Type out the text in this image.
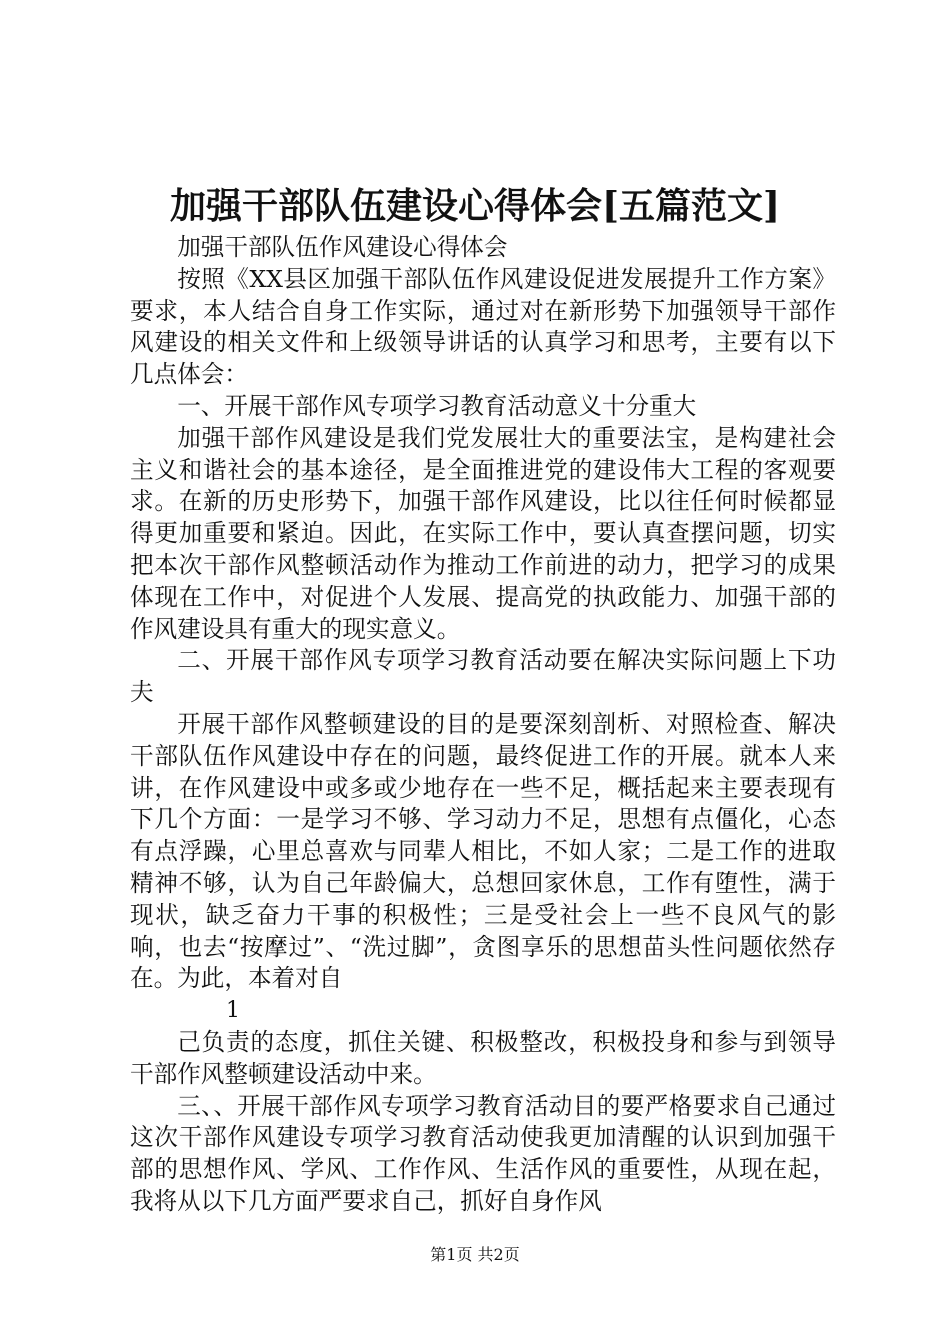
加强干部队伍建设心得体会[五篇范文]

加强干部队伍作风建设心得体会

按照《XX县区加强干部队伍作风建设促进发展提升工作方案》要求，本人结合自身工作实际，通过对在新形势下加强领导干部作风建设的相关文件和上级领导讲话的认真学习和思考，主要有以下几点体会：

一、开展干部作风专项学习教育活动意义十分重大

加强干部作风建设是我们党发展壮大的重要法宝，是构建社会主义和谐社会的基本途径，是全面推进党的建设伟大工程的客观要求。在新的历史形势下，加强干部作风建设，比以往任何时候都显得更加重要和紧迫。因此，在实际工作中，要认真查摆问题，切实把本次干部作风整顿活动作为推动工作前进的动力，把学习的成果体现在工作中，对促进个人发展、提高党的执政能力、加强干部的作风建设具有重大的现实意义。

二、开展干部作风专项学习教育活动要在解决实际问题上下功夫

开展干部作风整顿建设的目的是要深刻剖析、对照检查、解决干部队伍作风建设中存在的问题，最终促进工作的开展。就本人来讲，在作风建设中或多或少地存在一些不足，概括起来主要表现有下几个方面：一是学习不够、学习动力不足，思想有点僵化，心态有点浮躁，心里总喜欢与同辈人相比，不如人家；二是工作的进取精神不够，认为自己年龄偏大，总想回家休息，工作有堕性，满于现状，缺乏奋力干事的积极性；三是受社会上一些不良风气的影响，也去“按摩过”、“洗过脚”，贪图享乐的思想苗头性问题依然存在。为此，本着对自

1

己负责的态度，抓住关键、积极整改，积极投身和参与到领导干部作风整顿建设活动中来。

三、、开展干部作风专项学习教育活动目的要严格要求自己通过这次干部作风建设专项学习教育活动使我更加清醒的认识到加强干部的思想作风、学风、工作作风、生活作风的重要性，从现在起，我将从以下几方面严要求自己，抓好自身作风

第1页 共2页
